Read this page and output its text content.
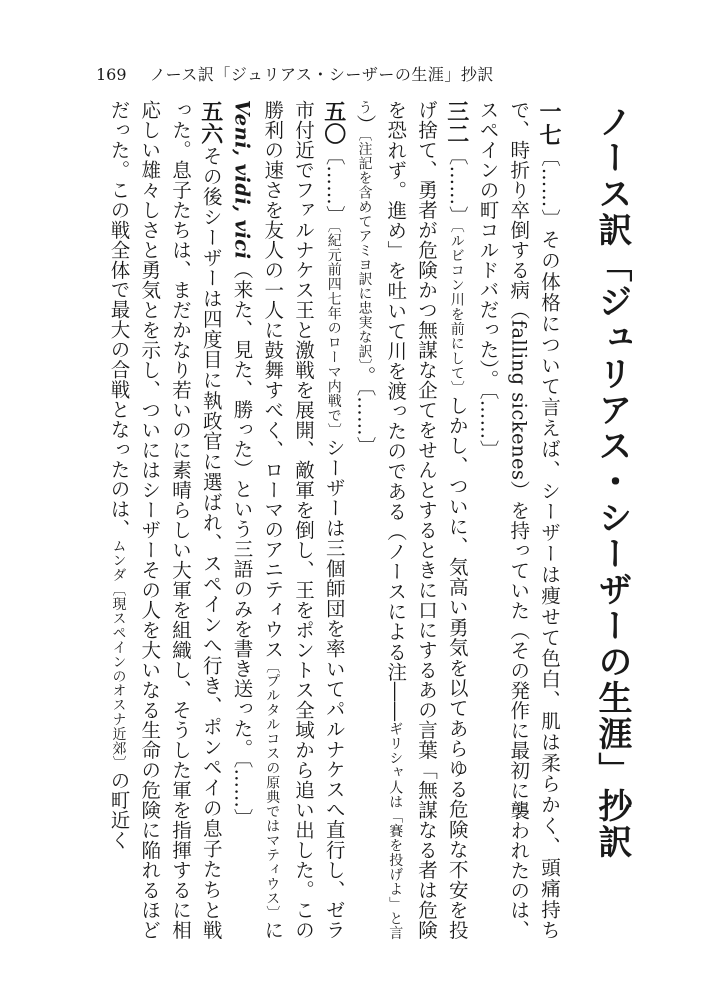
169 ノース訳「ジュリアス・シーザーの生涯」抄訳
ノース訳「ジュリアス・シーザーの生涯」抄訳
一七〔……〕その体格について言えば、シーザーは痩せて色白、肌は柔らかく、頭痛持ちで、時折り卒倒する病（falling sickenes）を持っていた（その発作に最初に襲われたのは、スペインの町コルドバだった）。〔……〕
三二〔……〕〔ルビコン川を前にして〕しかし、ついに、気高い勇気を以てあらゆる危険な不安を投げ捨て、勇者が危険かつ無謀な企てをせんとするときに口にするあの言葉「無謀なる者は危険を恐れず。進め」を吐いて川を渡ったのである（ノースによる注――ギリシャ人は「賽を投げよ」と言う）〔注記を含めてアミヨ訳に忠実な訳〕。〔……〕
五〇〔……〕〔紀元前四七年のローマ内戦で〕シーザーは三個師団を率いてパルナケスへ直行し、ゼラ市付近でファルナケス王と激戦を展開、敵軍を倒し、王をポントス全域から追い出した。この勝利の速さを友人の一人に鼓舞すべく、ローマのアニティウス〔プルタルコスの原典ではマティウス〕にVeni, vidi, vici（来た、見た、勝った）という三語のみを書き送った。〔……〕
五六その後シーザーは四度目に執政官に選ばれ、スペインへ行き、ポンペイの息子たちと戦った。息子たちは、まだかなり若いのに素晴らしい大軍を組織し、そうした軍を指揮するに相応しい雄々しさと勇気とを示し、ついにはシーザーその人を大いなる生命の危険に陥れるほどだった。この戦全体で最大の合戦となったのは、ムンダ〔現スペインのオスナ近郊〕の町近く
